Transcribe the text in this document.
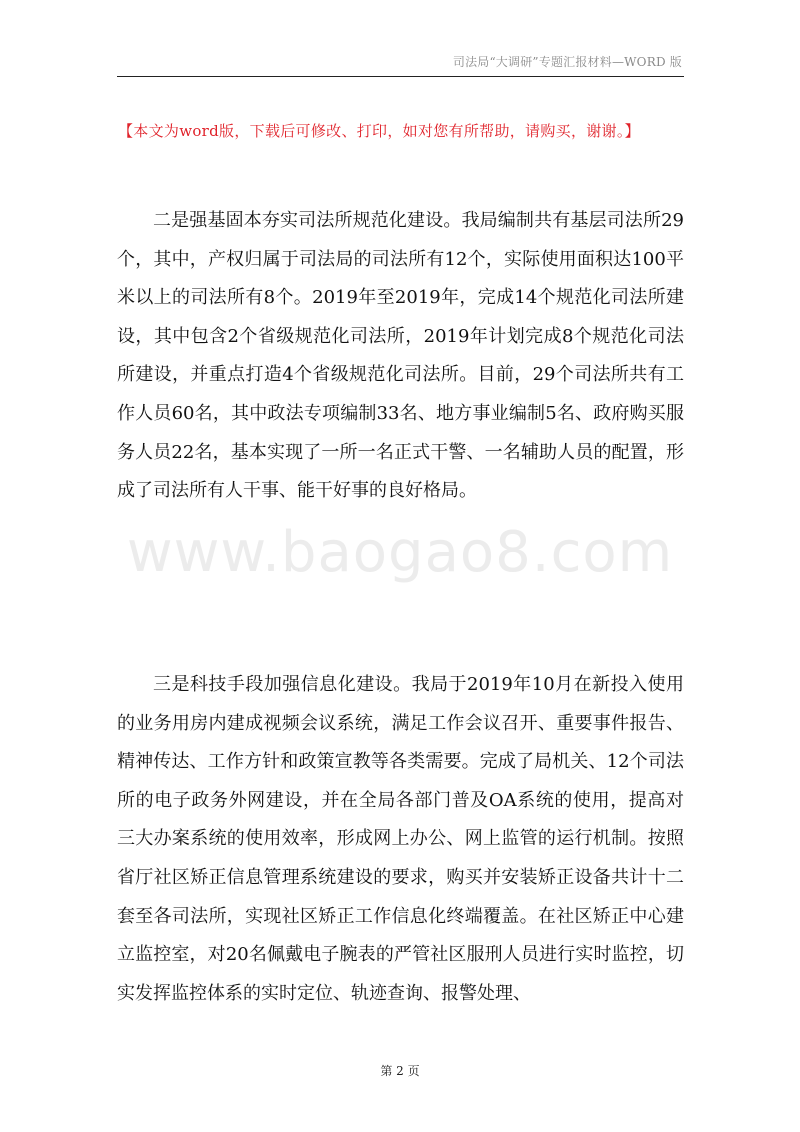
司法局“大调研”专题汇报材料—WORD 版
【本文为word版，下载后可修改、打印，如对您有所帮助，请购买，谢谢。】

二是强基固本夯实司法所规范化建设。我局编制共有基层司法所29个，其中，产权归属于司法局的司法所有12个，实际使用面积达100平米以上的司法所有8个。2019年至2019年，完成14个规范化司法所建设，其中包含2个省级规范化司法所，2019年计划完成8个规范化司法所建设，并重点打造4个省级规范化司法所。目前，29个司法所共有工作人员60名，其中政法专项编制33名、地方事业编制5名、政府购买服务人员22名，基本实现了一所一名正式干警、一名辅助人员的配置，形成了司法所有人干事、能干好事的良好格局。

www.baogao8.com

三是科技手段加强信息化建设。我局于2019年10月在新投入使用的业务用房内建成视频会议系统，满足工作会议召开、重要事件报告、精神传达、工作方针和政策宣教等各类需要。完成了局机关、12个司法所的电子政务外网建设，并在全局各部门普及OA系统的使用，提高对三大办案系统的使用效率，形成网上办公、网上监管的运行机制。按照省厅社区矫正信息管理系统建设的要求，购买并安装矫正设备共计十二套至各司法所，实现社区矫正工作信息化终端覆盖。在社区矫正中心建立监控室，对20名佩戴电子腕表的严管社区服刑人员进行实时监控，切实发挥监控体系的实时定位、轨迹查询、报警处理、

第 2 页
